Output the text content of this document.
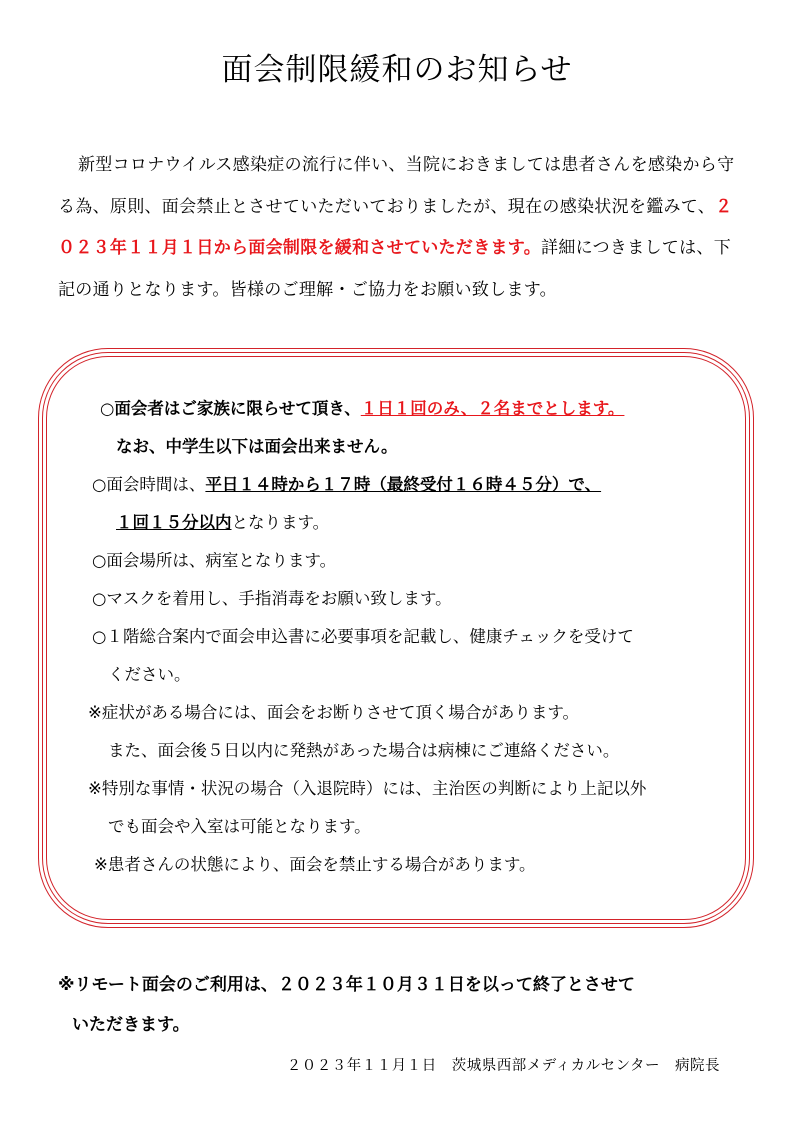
面会制限緩和のお知らせ
新型コロナウイルス感染症の流行に伴い、当院におきましては患者さんを感染から守る為、原則、面会禁止とさせていただいておりましたが、現在の感染状況を鑑みて、２０２３年１１月１日から面会制限を緩和させていただきます。詳細につきましては、下記の通りとなります。皆様のご理解・ご協力をお願い致します。
○面会者はご家族に限らせて頂き、１日１回のみ、２名までとします。
なお、中学生以下は面会出来ません。
○面会時間は、平日１４時から１７時（最終受付１６時４５分）で、
１回１５分以内となります。
○面会場所は、病室となります。
○マスクを着用し、手指消毒をお願い致します。
○１階総合案内で面会申込書に必要事項を記載し、健康チェックを受けて
ください。
※症状がある場合には、面会をお断りさせて頂く場合があります。
また、面会後５日以内に発熱があった場合は病棟にご連絡ください。
※特別な事情・状況の場合（入退院時）には、主治医の判断により上記以外
でも面会や入室は可能となります。
※患者さんの状態により、面会を禁止する場合があります。
※リモート面会のご利用は、２０２３年１０月３１日を以って終了とさせて
いただきます。
２０２３年１１月１日　茨城県西部メディカルセンター　病院長
